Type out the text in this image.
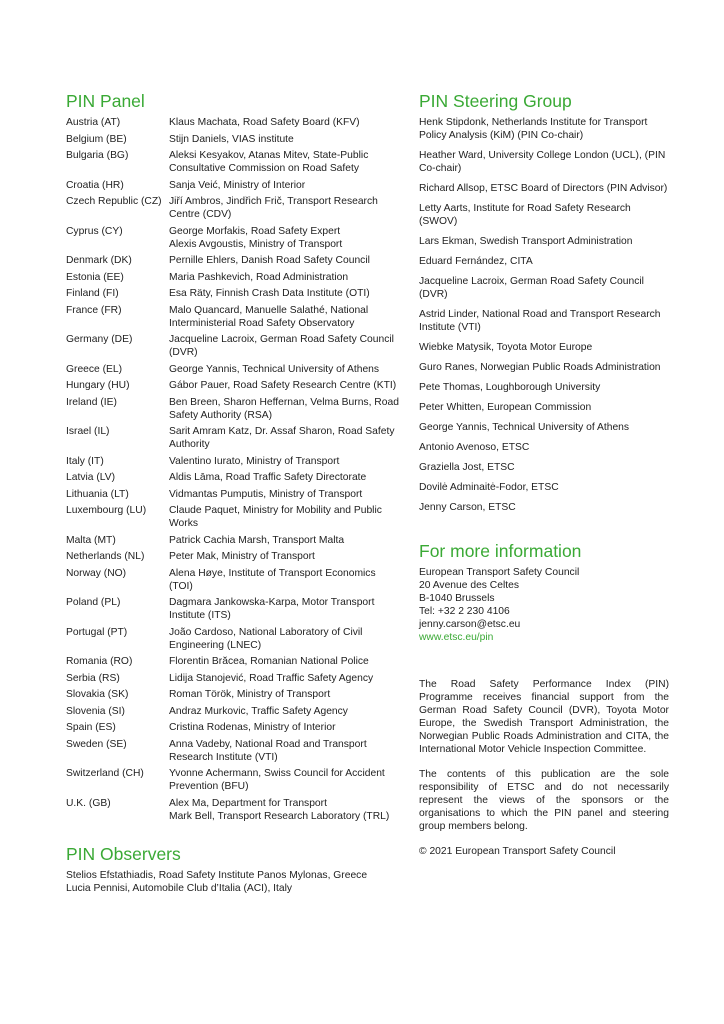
PIN Panel
Austria (AT)	Klaus Machata, Road Safety Board (KFV)
Belgium (BE)	Stijn Daniels, VIAS institute
Bulgaria (BG)	Aleksi Kesyakov, Atanas Mitev, State-Public Consultative Commission on Road Safety
Croatia (HR)	Sanja Veić, Ministry of Interior
Czech Republic (CZ) Jiří Ambros, Jindřich Frič, Transport Research Centre (CDV)
Cyprus (CY)	George Morfakis, Road Safety Expert
Alexis Avgoustis, Ministry of Transport
Denmark (DK)	Pernille Ehlers, Danish Road Safety Council
Estonia (EE)	Maria Pashkevich, Road Administration
Finland (FI)	Esa Räty, Finnish Crash Data Institute (OTI)
France (FR)	Malo Quancard, Manuelle Salathé, National Interministerial Road Safety Observatory
Germany (DE)	Jacqueline Lacroix, German Road Safety Council (DVR)
Greece (EL)	George Yannis, Technical University of Athens
Hungary (HU)	Gábor Pauer, Road Safety Research Centre (KTI)
Ireland (IE)	Ben Breen, Sharon Heffernan, Velma Burns, Road Safety Authority (RSA)
Israel (IL)	Sarit Amram Katz, Dr. Assaf Sharon, Road Safety Authority
Italy (IT)	Valentino Iurato, Ministry of Transport
Latvia (LV)	Aldis Lāma, Road Traffic Safety Directorate
Lithuania (LT)	Vidmantas Pumputis, Ministry of Transport
Luxembourg (LU)	Claude Paquet, Ministry for Mobility and Public Works
Malta (MT)	Patrick Cachia Marsh, Transport Malta
Netherlands (NL)	Peter Mak, Ministry of Transport
Norway (NO)	Alena Høye, Institute of Transport Economics (TOI)
Poland (PL)	Dagmara Jankowska-Karpa, Motor Transport Institute (ITS)
Portugal (PT)	João Cardoso, National Laboratory of Civil Engineering (LNEC)
Romania (RO)	Florentin Brăcea, Romanian National Police
Serbia (RS)	Lidija Stanojević, Road Traffic Safety Agency
Slovakia (SK)	Roman Török, Ministry of Transport
Slovenia (SI)	Andraz Murkovic, Traffic Safety Agency
Spain (ES)	Cristina Rodenas, Ministry of Interior
Sweden (SE)	Anna Vadeby, National Road and Transport Research Institute (VTI)
Switzerland (CH)	Yvonne Achermann, Swiss Council for Accident Prevention (BFU)
U.K. (GB)	Alex Ma, Department for Transport
Mark Bell, Transport Research Laboratory (TRL)
PIN Observers
Stelios Efstathiadis, Road Safety Institute Panos Mylonas, Greece
Lucia Pennisi, Automobile Club d’Italia (ACI), Italy
PIN Steering Group
Henk Stipdonk, Netherlands Institute for Transport Policy Analysis (KiM) (PIN Co-chair)
Heather Ward, University College London (UCL), (PIN Co-chair)
Richard Allsop, ETSC Board of Directors (PIN Advisor)
Letty Aarts, Institute for Road Safety Research (SWOV)
Lars Ekman, Swedish Transport Administration
Eduard Fernández, CITA
Jacqueline Lacroix, German Road Safety Council (DVR)
Astrid Linder, National Road and Transport Research Institute (VTI)
Wiebke Matysik, Toyota Motor Europe
Guro Ranes, Norwegian Public Roads Administration
Pete Thomas, Loughborough University
Peter Whitten, European Commission
George Yannis, Technical University of Athens
Antonio Avenoso, ETSC
Graziella Jost, ETSC
Dovilė Adminaitė-Fodor, ETSC
Jenny Carson, ETSC
For more information
European Transport Safety Council
20 Avenue des Celtes
B-1040 Brussels
Tel: +32 2 230 4106
jenny.carson@etsc.eu
www.etsc.eu/pin
The Road Safety Performance Index (PIN) Programme receives financial support from the German Road Safety Council (DVR), Toyota Motor Europe, the Swedish Transport Administration, the Norwegian Public Roads Administration and CITA, the International Motor Vehicle Inspection Committee.
The contents of this publication are the sole responsibility of ETSC and do not necessarily represent the views of the sponsors or the organisations to which the PIN panel and steering group members belong.
© 2021 European Transport Safety Council
